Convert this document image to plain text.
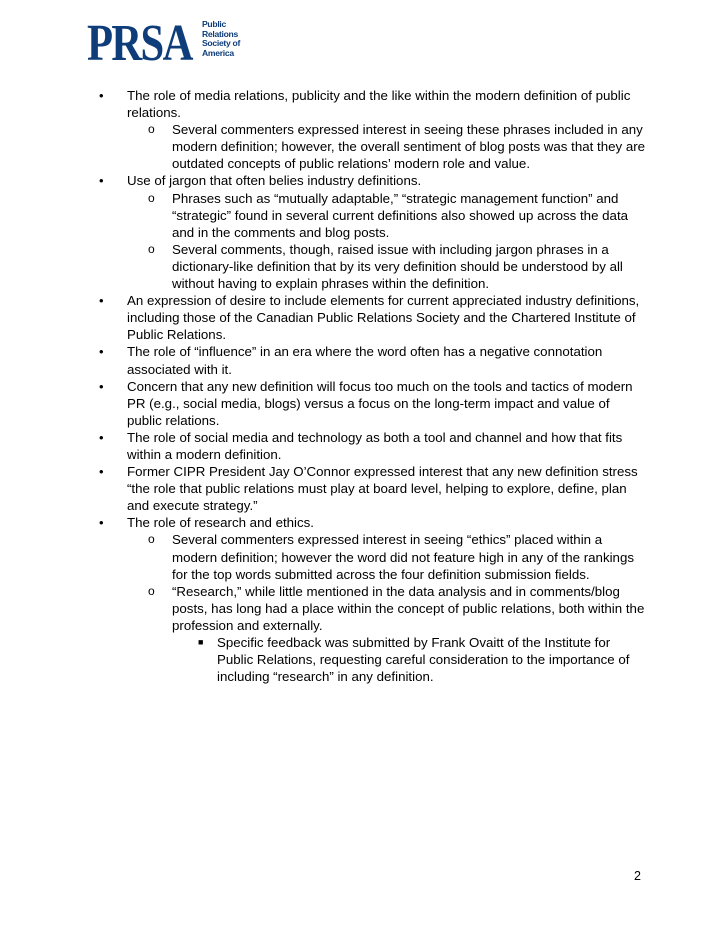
PRSA Public
Relations
Society of
America
• The role of media relations, publicity and the like within the modern definition of public relations.
o Several commenters expressed interest in seeing these phrases included in any modern definition; however, the overall sentiment of blog posts was that they are outdated concepts of public relations’ modern role and value.
• Use of jargon that often belies industry definitions.
o Phrases such as “mutually adaptable,” “strategic management function” and “strategic” found in several current definitions also showed up across the data and in the comments and blog posts.
o Several comments, though, raised issue with including jargon phrases in a dictionary-like definition that by its very definition should be understood by all without having to explain phrases within the definition.
• An expression of desire to include elements for current appreciated industry definitions, including those of the Canadian Public Relations Society and the Chartered Institute of Public Relations.
• The role of “influence” in an era where the word often has a negative connotation associated with it.
• Concern that any new definition will focus too much on the tools and tactics of modern PR (e.g., social media, blogs) versus a focus on the long-term impact and value of public relations.
• The role of social media and technology as both a tool and channel and how that fits within a modern definition.
• Former CIPR President Jay O’Connor expressed interest that any new definition stress “the role that public relations must play at board level, helping to explore, define, plan and execute strategy.”
• The role of research and ethics.
o Several commenters expressed interest in seeing “ethics” placed within a modern definition; however the word did not feature high in any of the rankings for the top words submitted across the four definition submission fields.
o “Research,” while little mentioned in the data analysis and in comments/blog posts, has long had a place within the concept of public relations, both within the profession and externally.
■ Specific feedback was submitted by Frank Ovaitt of the Institute for Public Relations, requesting careful consideration to the importance of including “research” in any definition.
2
